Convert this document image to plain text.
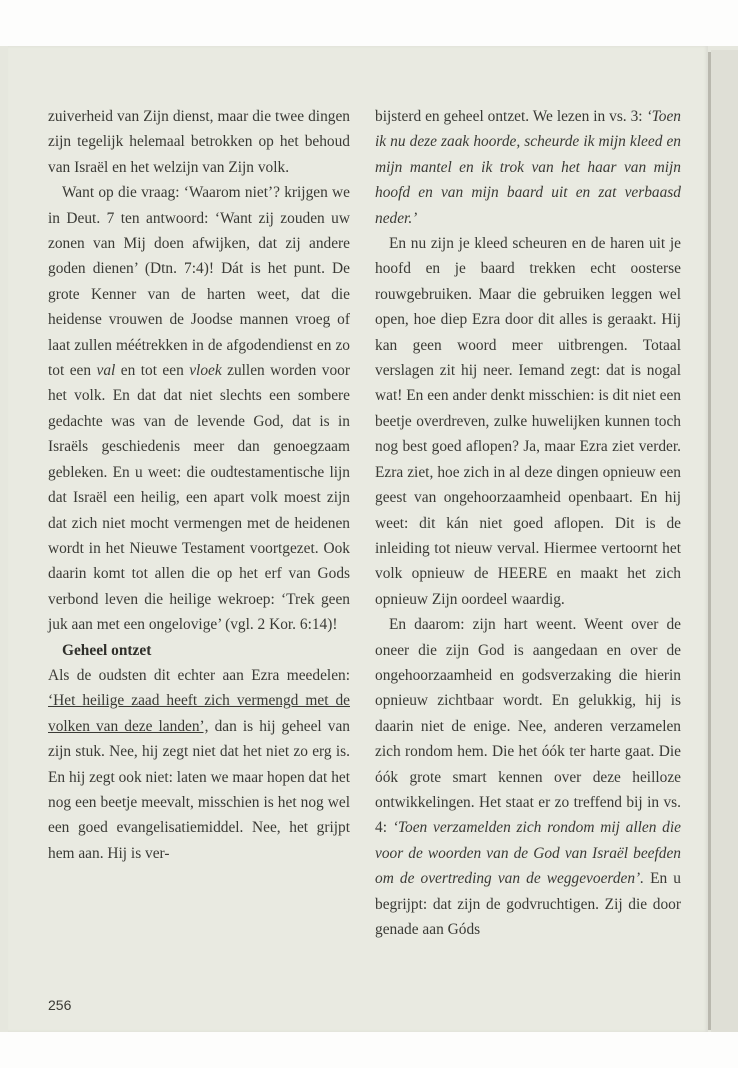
zuiverheid van Zijn dienst, maar die twee dingen zijn tegelijk helemaal betrokken op het behoud van Israël en het welzijn van Zijn volk.

Want op die vraag: ‘Waarom niet’? krijgen we in Deut. 7 ten antwoord: ‘Want zij zouden uw zonen van Mij doen afwijken, dat zij andere goden dienen’ (Dtn. 7:4)! Dát is het punt. De grote Kenner van de harten weet, dat die heidense vrouwen de Joodse mannen vroeg of laat zullen méétrekken in de afgodendienst en zo tot een val en tot een vloek zullen worden voor het volk. En dat dat niet slechts een sombere gedachte was van de levende God, dat is in Israëls geschiedenis meer dan genoegzaam gebleken. En u weet: die oudtestamentische lijn dat Israël een heilig, een apart volk moest zijn dat zich niet mocht vermengen met de heidenen wordt in het Nieuwe Testament voortgezet. Ook daarin komt tot allen die op het erf van Gods verbond leven die heilige wekroep: ‘Trek geen juk aan met een ongelovige’ (vgl. 2 Kor. 6:14)!

Geheel ontzet

Als de oudsten dit echter aan Ezra meedelen: ‘Het heilige zaad heeft zich vermengd met de volken van deze landen’, dan is hij geheel van zijn stuk. Nee, hij zegt niet dat het niet zo erg is. En hij zegt ook niet: laten we maar hopen dat het nog een beetje meevalt, misschien is het nog wel een goed evangelisatiemiddel. Nee, het grijpt hem aan. Hij is ver-

bijsterd en geheel ontzet. We lezen in vs. 3: ‘Toen ik nu deze zaak hoorde, scheurde ik mijn kleed en mijn mantel en ik trok van het haar van mijn hoofd en van mijn baard uit en zat verbaasd neder.’

En nu zijn je kleed scheuren en de haren uit je hoofd en je baard trekken echt oosterse rouwgebruiken. Maar die gebruiken leggen wel open, hoe diep Ezra door dit alles is geraakt. Hij kan geen woord meer uitbrengen. Totaal verslagen zit hij neer. Iemand zegt: dat is nogal wat! En een ander denkt misschien: is dit niet een beetje overdreven, zulke huwelijken kunnen toch nog best goed aflopen? Ja, maar Ezra ziet verder. Ezra ziet, hoe zich in al deze dingen opnieuw een geest van ongehoorzaamheid openbaart. En hij weet: dit kán niet goed aflopen. Dit is de inleiding tot nieuw verval. Hiermee vertoornt het volk opnieuw de HEERE en maakt het zich opnieuw Zijn oordeel waardig.

En daarom: zijn hart weent. Weent over de oneer die zijn God is aangedaan en over de ongehoorzaamheid en godsverzaking die hierin opnieuw zichtbaar wordt. En gelukkig, hij is daarin niet de enige. Nee, anderen verzamelen zich rondom hem. Die het óók ter harte gaat. Die óók grote smart kennen over deze heilloze ontwikkelingen. Het staat er zo treffend bij in vs. 4: ‘Toen verzamelden zich rondom mij allen die voor de woorden van de God van Israël beefden om de overtreding van de weggevoerden’. En u begrijpt: dat zijn de godvruchtigen. Zij die door genade aan Góds

256
